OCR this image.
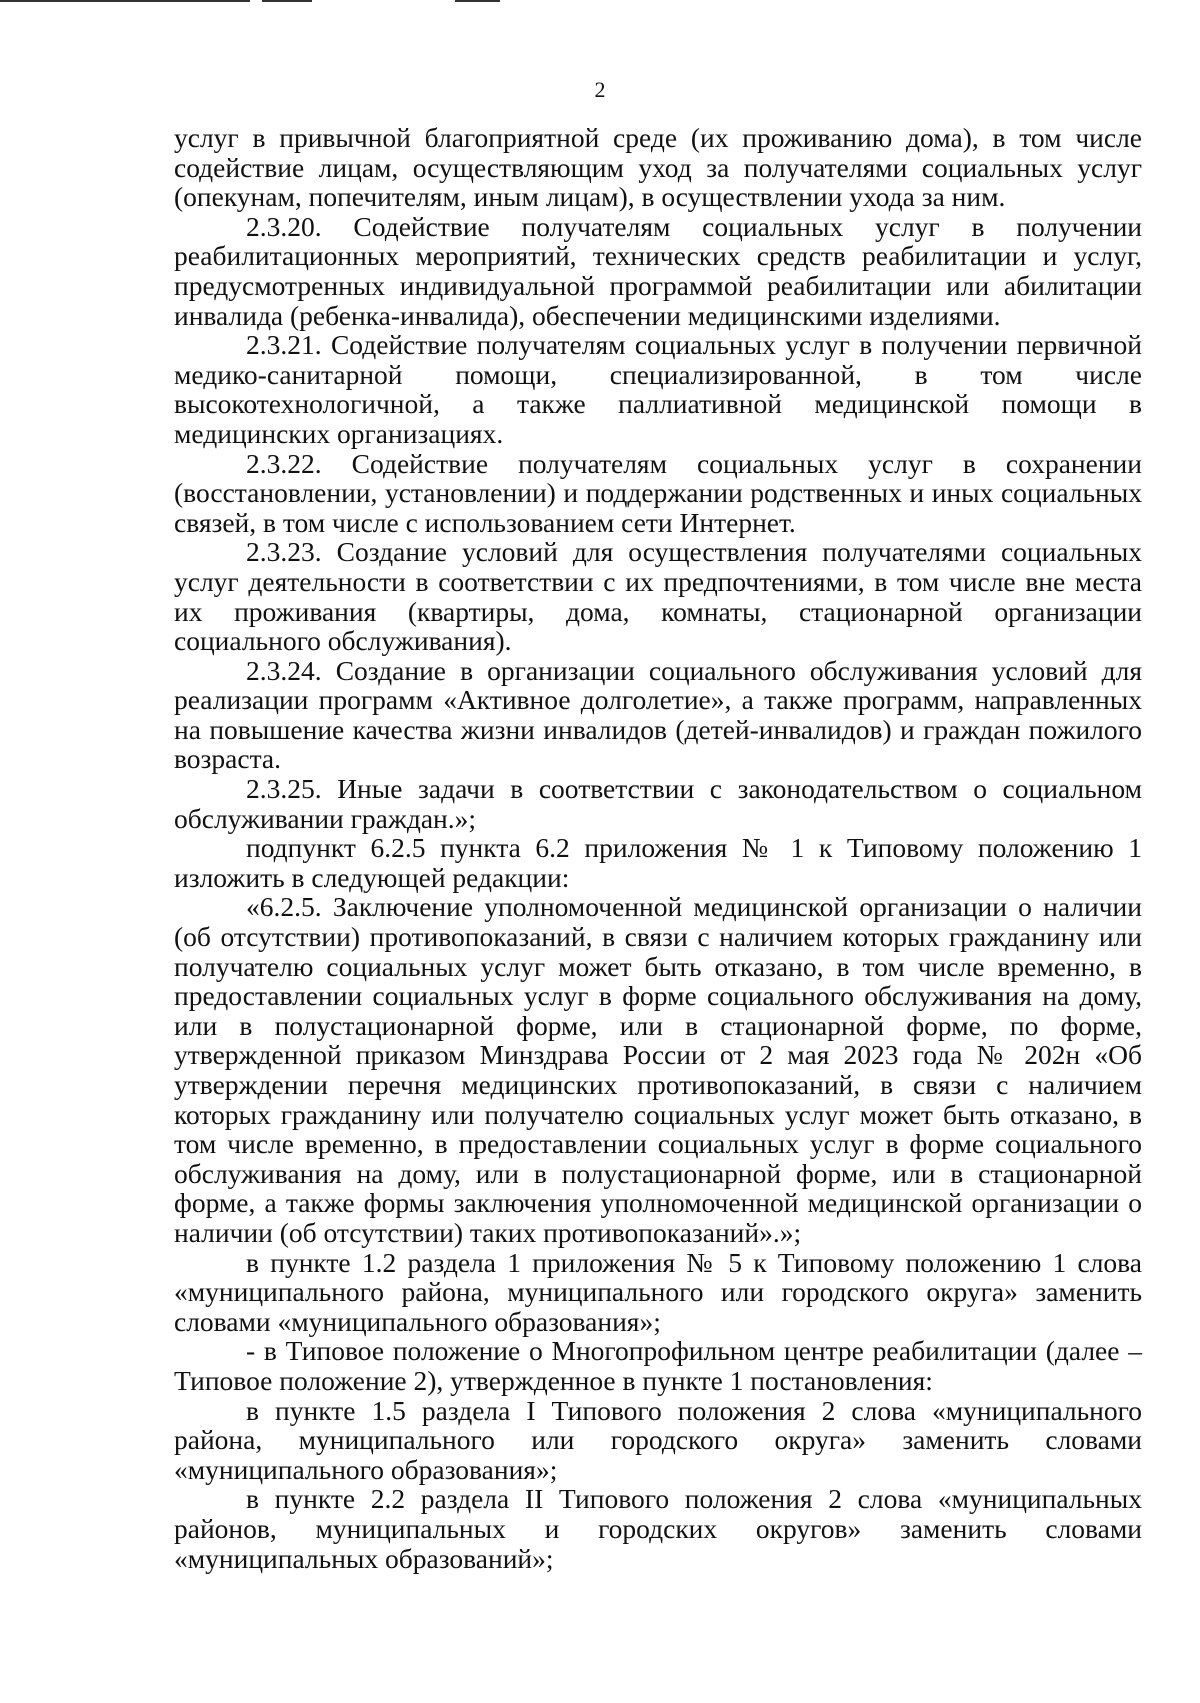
2

услуг в привычной благоприятной среде (их проживанию дома), в том числе содействие лицам, осуществляющим уход за получателями социальных услуг (опекунам, попечителям, иным лицам), в осуществлении ухода за ним.

2.3.20. Содействие получателям социальных услуг в получении реабилитационных мероприятий, технических средств реабилитации и услуг, предусмотренных индивидуальной программой реабилитации или абилитации инвалида (ребенка-инвалида), обеспечении медицинскими изделиями.

2.3.21. Содействие получателям социальных услуг в получении первичной медико-санитарной помощи, специализированной, в том числе высокотехнологичной, а также паллиативной медицинской помощи в медицинских организациях.

2.3.22. Содействие получателям социальных услуг в сохранении (восстановлении, установлении) и поддержании родственных и иных социальных связей, в том числе с использованием сети Интернет.

2.3.23. Создание условий для осуществления получателями социальных услуг деятельности в соответствии с их предпочтениями, в том числе вне места их проживания (квартиры, дома, комнаты, стационарной организации социального обслуживания).

2.3.24. Создание в организации социального обслуживания условий для реализации программ «Активное долголетие», а также программ, направленных на повышение качества жизни инвалидов (детей-инвалидов) и граждан пожилого возраста.

2.3.25. Иные задачи в соответствии с законодательством о социальном обслуживании граждан.»;

подпункт 6.2.5 пункта 6.2 приложения № 1 к Типовому положению 1 изложить в следующей редакции:

«6.2.5. Заключение уполномоченной медицинской организации о наличии (об отсутствии) противопоказаний, в связи с наличием которых гражданину или получателю социальных услуг может быть отказано, в том числе временно, в предоставлении социальных услуг в форме социального обслуживания на дому, или в полустационарной форме, или в стационарной форме, по форме, утвержденной приказом Минздрава России от 2 мая 2023 года № 202н «Об утверждении перечня медицинских противопоказаний, в связи с наличием которых гражданину или получателю социальных услуг может быть отказано, в том числе временно, в предоставлении социальных услуг в форме социального обслуживания на дому, или в полустационарной форме, или в стационарной форме, а также формы заключения уполномоченной медицинской организации о наличии (об отсутствии) таких противопоказаний».»;

в пункте 1.2 раздела 1 приложения № 5 к Типовому положению 1 слова «муниципального района, муниципального или городского округа» заменить словами «муниципального образования»;

- в Типовое положение о Многопрофильном центре реабилитации (далее – Типовое положение 2), утвержденное в пункте 1 постановления:

в пункте 1.5 раздела I Типового положения 2 слова «муниципального района, муниципального или городского округа» заменить словами «муниципального образования»;

в пункте 2.2 раздела II Типового положения 2 слова «муниципальных районов, муниципальных и городских округов» заменить словами «муниципальных образований»;
